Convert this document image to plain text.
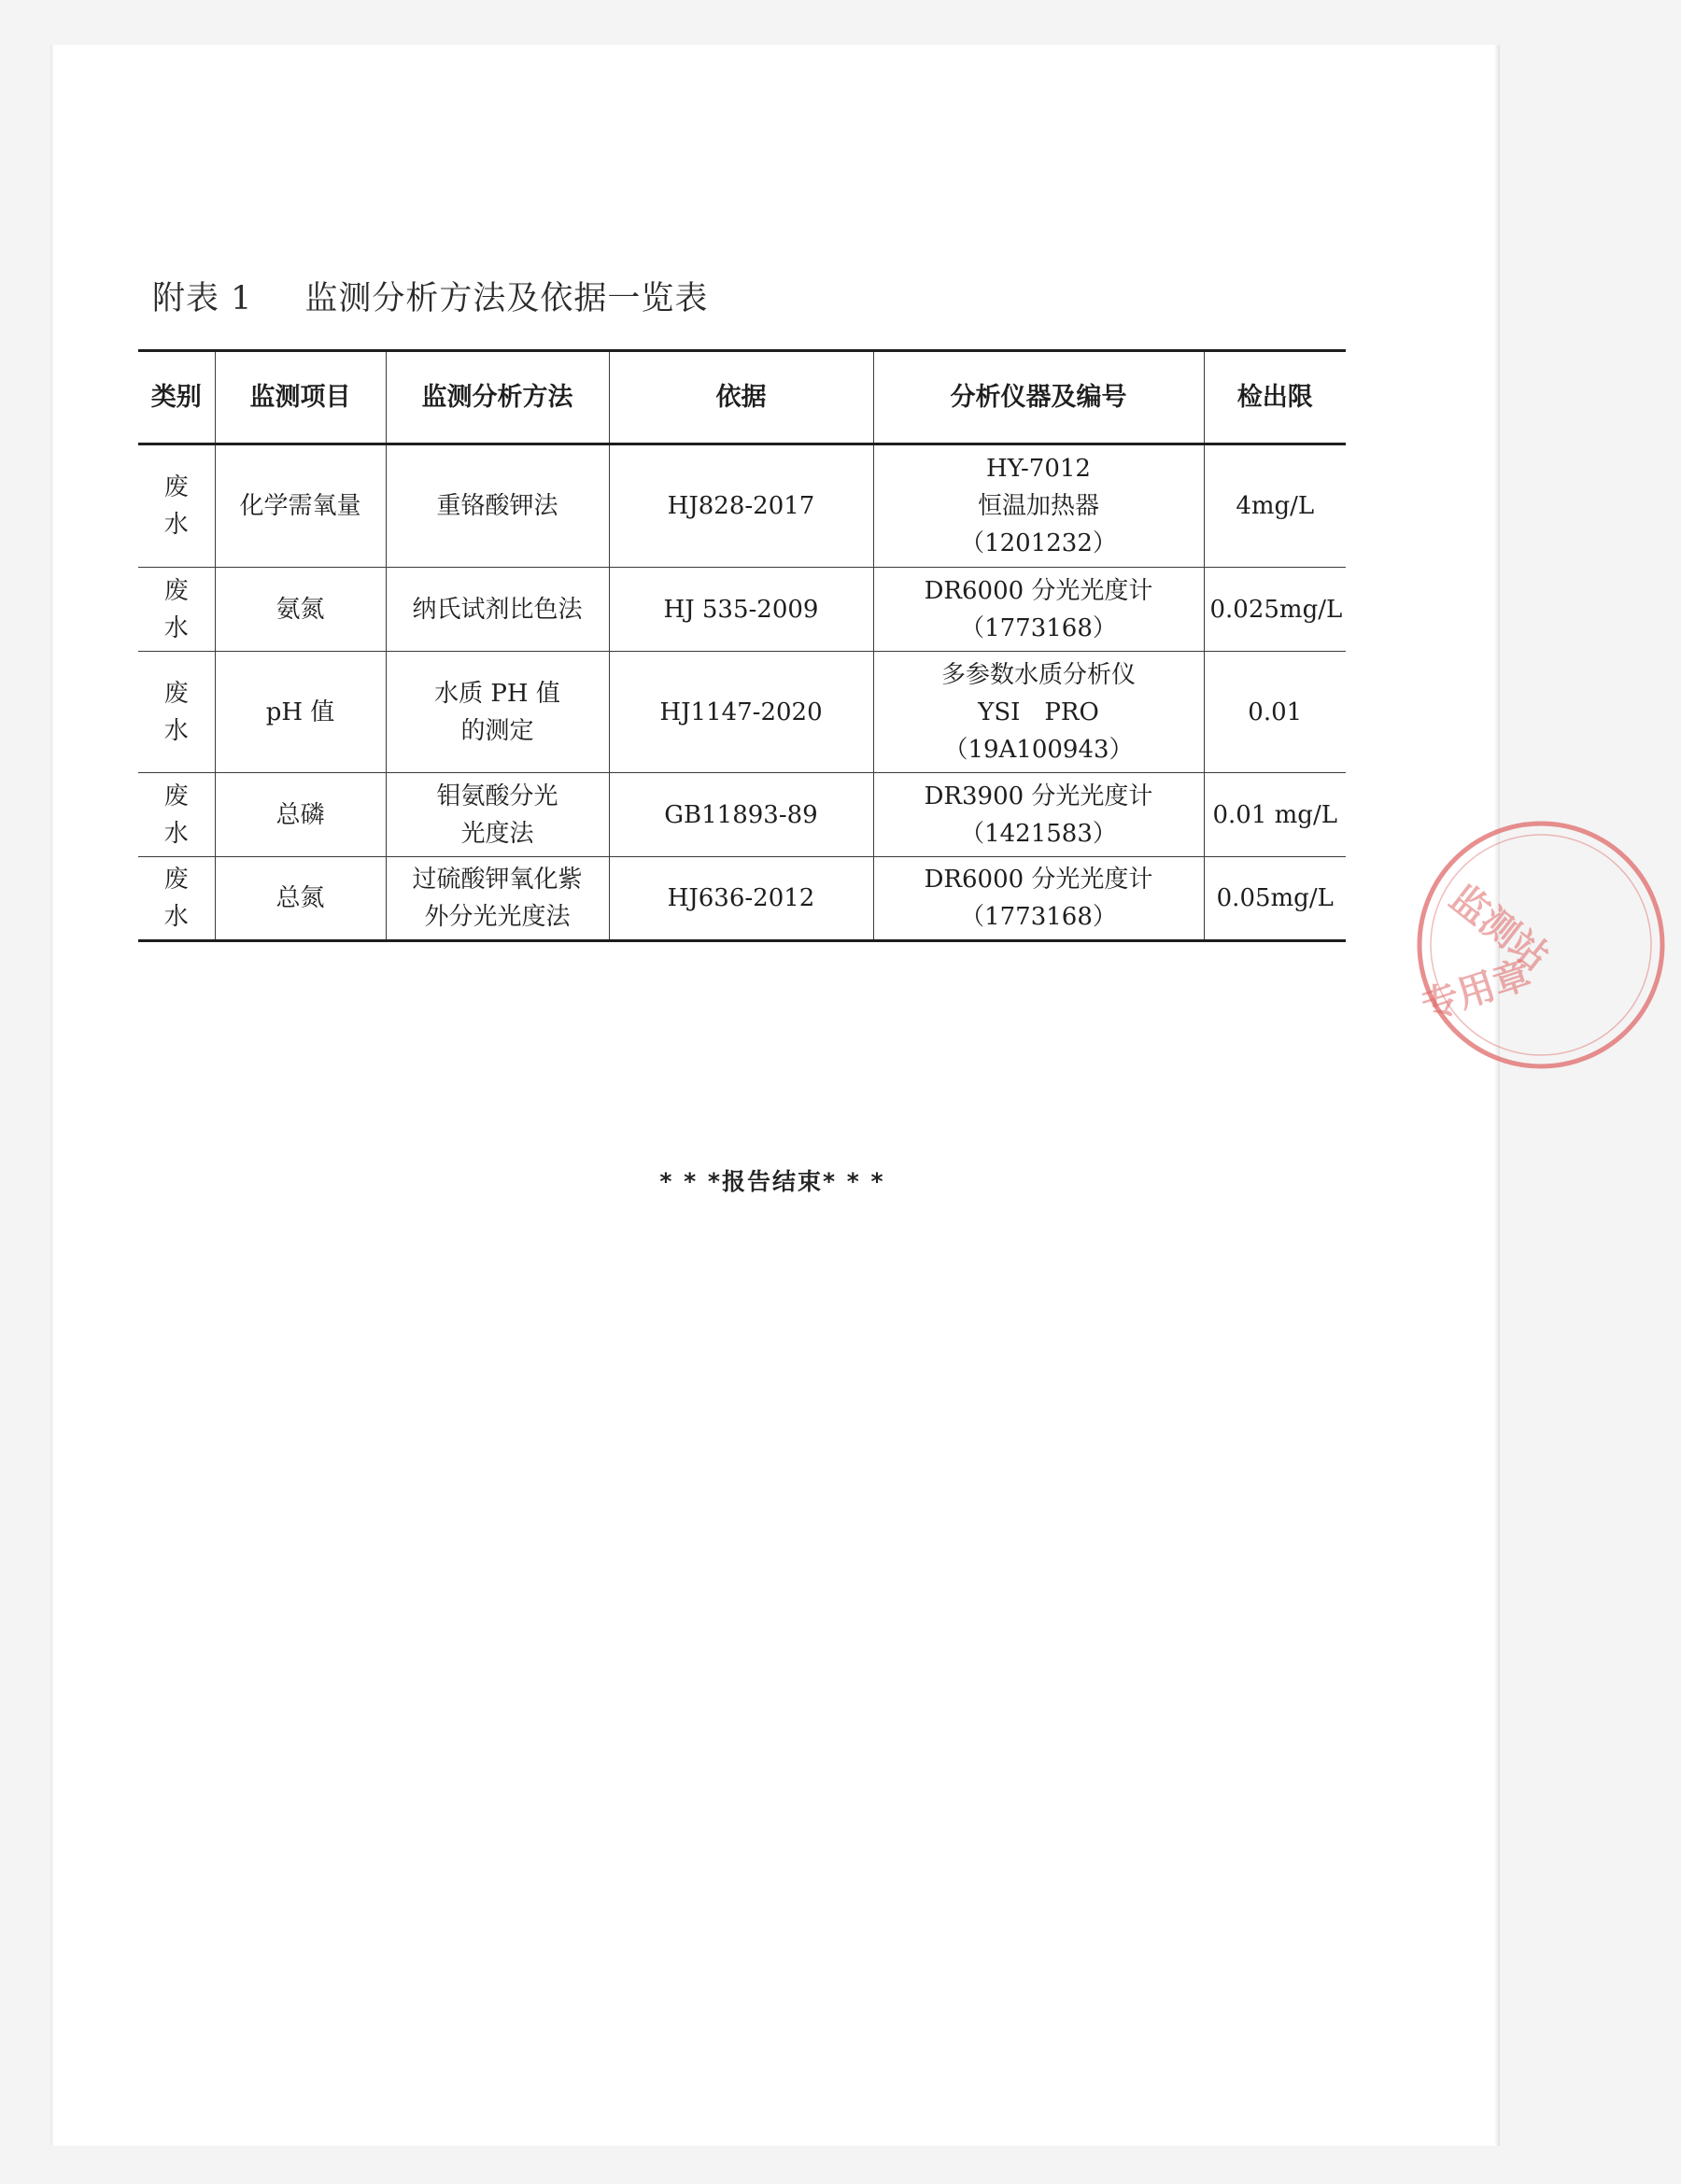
附表 1 监测分析方法及依据一览表
类别	监测项目	监测分析方法	依据	分析仪器及编号	检出限

废
水	化学需氧量	重铬酸钾法	HJ828-2017	HY-7012
恒温加热器
（1201232）	4mg/L

废
水	氨氮	纳氏试剂比色法	HJ 535-2009	DR6000 分光光度计
（1773168）	0.025mg/L

废
水	pH 值	水质 PH 值
的测定	HJ1147-2020	多参数水质分析仪
YSI　PRO
（19A100943）	0.01

废
水	总磷	钼氨酸分光
光度法	GB11893-89	DR3900 分光光度计
（1421583）	0.01 mg/L

废
水	总氮	过硫酸钾氧化紫
外分光光度法	HJ636-2012	DR6000 分光光度计
（1773168）	0.05mg/L
* * *报告结束* * *
监测站
专用章
